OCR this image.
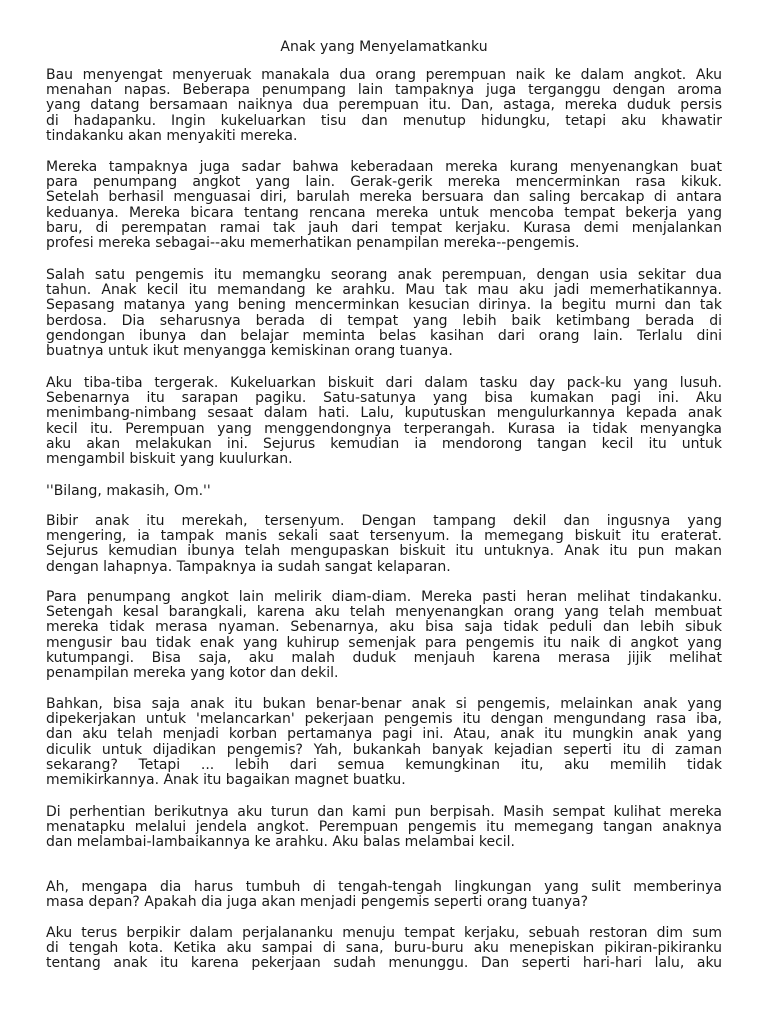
Anak yang Menyelamatkanku
Bau menyengat menyeruak manakala dua orang perempuan naik ke dalam angkot. Aku
menahan napas. Beberapa penumpang lain tampaknya juga terganggu dengan aroma
yang datang bersamaan naiknya dua perempuan itu. Dan, astaga, mereka duduk persis
di hadapanku. Ingin kukeluarkan tisu dan menutup hidungku, tetapi aku khawatir
tindakanku akan menyakiti mereka.
Mereka tampaknya juga sadar bahwa keberadaan mereka kurang menyenangkan buat
para penumpang angkot yang lain. Gerak-gerik mereka mencerminkan rasa kikuk.
Setelah berhasil menguasai diri, barulah mereka bersuara dan saling bercakap di antara
keduanya. Mereka bicara tentang rencana mereka untuk mencoba tempat bekerja yang
baru, di perempatan ramai tak jauh dari tempat kerjaku. Kurasa demi menjalankan
profesi mereka sebagai--aku memerhatikan penampilan mereka--pengemis.
Salah satu pengemis itu memangku seorang anak perempuan, dengan usia sekitar dua
tahun. Anak kecil itu memandang ke arahku. Mau tak mau aku jadi memerhatikannya.
Sepasang matanya yang bening mencerminkan kesucian dirinya. Ia begitu murni dan tak
berdosa. Dia seharusnya berada di tempat yang lebih baik ketimbang berada di
gendongan ibunya dan belajar meminta belas kasihan dari orang lain. Terlalu dini
buatnya untuk ikut menyangga kemiskinan orang tuanya.
Aku tiba-tiba tergerak. Kukeluarkan biskuit dari dalam tasku day pack-ku yang lusuh.
Sebenarnya itu sarapan pagiku. Satu-satunya yang bisa kumakan pagi ini. Aku
menimbang-nimbang sesaat dalam hati. Lalu, kuputuskan mengulurkannya kepada anak
kecil itu. Perempuan yang menggendongnya terperangah. Kurasa ia tidak menyangka
aku akan melakukan ini. Sejurus kemudian ia mendorong tangan kecil itu untuk
mengambil biskuit yang kuulurkan.
''Bilang, makasih, Om.''
Bibir anak itu merekah, tersenyum. Dengan tampang dekil dan ingusnya yang
mengering, ia tampak manis sekali saat tersenyum. Ia memegang biskuit itu eraterat.
Sejurus kemudian ibunya telah mengupaskan biskuit itu untuknya. Anak itu pun makan
dengan lahapnya. Tampaknya ia sudah sangat kelaparan.
Para penumpang angkot lain melirik diam-diam. Mereka pasti heran melihat tindakanku.
Setengah kesal barangkali, karena aku telah menyenangkan orang yang telah membuat
mereka tidak merasa nyaman. Sebenarnya, aku bisa saja tidak peduli dan lebih sibuk
mengusir bau tidak enak yang kuhirup semenjak para pengemis itu naik di angkot yang
kutumpangi. Bisa saja, aku malah duduk menjauh karena merasa jijik melihat
penampilan mereka yang kotor dan dekil.
Bahkan, bisa saja anak itu bukan benar-benar anak si pengemis, melainkan anak yang
dipekerjakan untuk 'melancarkan' pekerjaan pengemis itu dengan mengundang rasa iba,
dan aku telah menjadi korban pertamanya pagi ini. Atau, anak itu mungkin anak yang
diculik untuk dijadikan pengemis? Yah, bukankah banyak kejadian seperti itu di zaman
sekarang? Tetapi ... lebih dari semua kemungkinan itu, aku memilih tidak
memikirkannya. Anak itu bagaikan magnet buatku.
Di perhentian berikutnya aku turun dan kami pun berpisah. Masih sempat kulihat mereka
menatapku melalui jendela angkot. Perempuan pengemis itu memegang tangan anaknya
dan melambai-lambaikannya ke arahku. Aku balas melambai kecil.
Ah, mengapa dia harus tumbuh di tengah-tengah lingkungan yang sulit memberinya
masa depan? Apakah dia juga akan menjadi pengemis seperti orang tuanya?
Aku terus berpikir dalam perjalananku menuju tempat kerjaku, sebuah restoran dim sum
di tengah kota. Ketika aku sampai di sana, buru-buru aku menepiskan pikiran-pikiranku
tentang anak itu karena pekerjaan sudah menunggu. Dan seperti hari-hari lalu, aku
